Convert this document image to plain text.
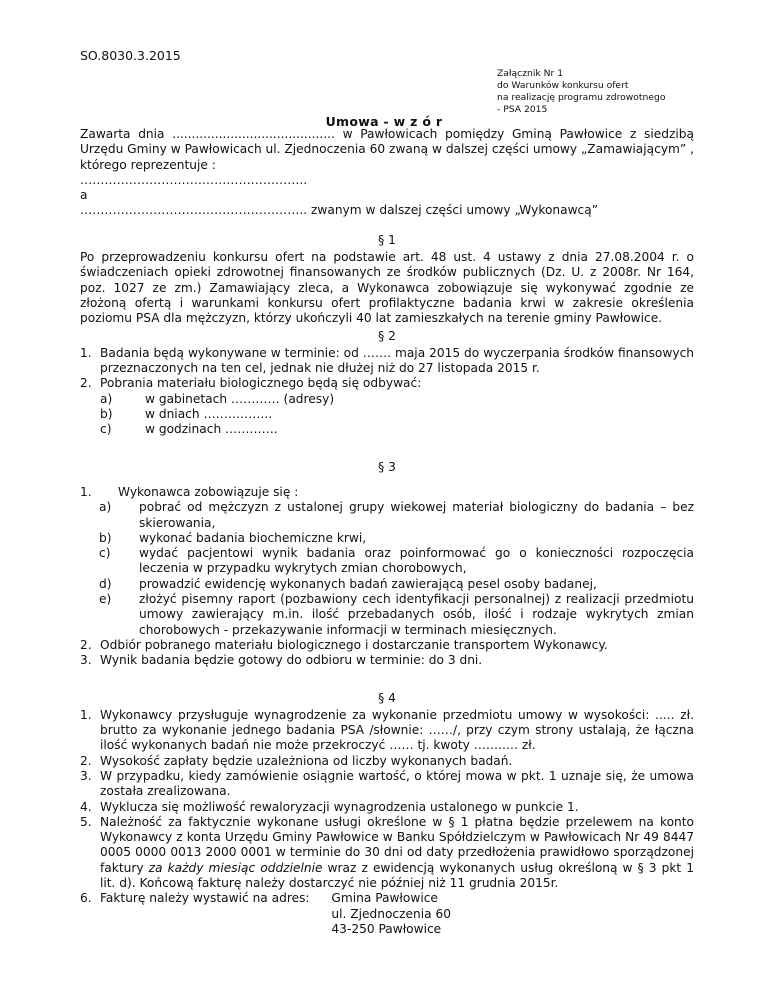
SO.8030.3.2015
Załącznik Nr 1
do Warunków konkursu ofert
na realizację programu zdrowotnego
- PSA 2015
Umowa - w z ó r

Zawarta dnia .......................................... w Pawłowicach pomiędzy Gminą Pawłowice z siedzibą Urzędu Gminy w Pawłowicach ul. Zjednoczenia 60 zwaną w dalszej części umowy „Zamawiającym” , którego reprezentuje :

………………………………………………..

a

……………………………………………….. zwanym w dalszej części umowy „Wykonawcą”

§ 1

Po przeprowadzeniu konkursu ofert na podstawie art. 48 ust. 4 ustawy z dnia 27.08.2004 r. o świadczeniach opieki zdrowotnej finansowanych ze środków publicznych (Dz. U. z 2008r. Nr 164, poz. 1027 ze zm.) Zamawiający zleca, a Wykonawca zobowiązuje się wykonywać zgodnie ze złożoną ofertą i warunkami konkursu ofert profilaktyczne badania krwi w zakresie określenia poziomu PSA dla mężczyzn, którzy ukończyli 40 lat zamieszkałych na terenie gminy Pawłowice.

§ 2
1. Badania będą wykonywane w terminie: od ……. maja 2015 do wyczerpania środków finansowych przeznaczonych na ten cel, jednak nie dłużej niż do 27 listopada 2015 r.
2. Pobrania materiału biologicznego będą się odbywać:
a)	w gabinetach ………… (adresy)
b)	w dniach ……………..
c)	w godzinach ………….
§ 3
1. Wykonawca zobowiązuje się :
a)	pobrać od mężczyzn z ustalonej grupy wiekowej materiał biologiczny do badania – bez skierowania,
b)	wykonać badania biochemiczne krwi,
c)	wydać pacjentowi wynik badania oraz poinformować go o konieczności rozpoczęcia leczenia w przypadku wykrytych zmian chorobowych,
d)	prowadzić ewidencję wykonanych badań zawierającą pesel osoby badanej,
e)	złożyć pisemny raport (pozbawiony cech identyfikacji personalnej) z realizacji przedmiotu umowy zawierający m.in. ilość przebadanych osób, ilość i rodzaje wykrytych zmian chorobowych - przekazywanie informacji w terminach miesięcznych.
2. Odbiór pobranego materiału biologicznego i dostarczanie transportem Wykonawcy.
3. Wynik badania będzie gotowy do odbioru w terminie: do 3 dni.
§ 4
1. Wykonawcy przysługuje wynagrodzenie za wykonanie przedmiotu umowy w wysokości: ..... zł. brutto za wykonanie jednego badania PSA /słownie: ……/, przy czym strony ustalają, że łączna ilość wykonanych badań nie może przekroczyć …… tj. kwoty ……..… zł.
2. Wysokość zapłaty będzie uzależniona od liczby wykonanych badań.
3. W przypadku, kiedy zamówienie osiągnie wartość, o której mowa w pkt. 1 uznaje się, że umowa została zrealizowana.
4. Wyklucza się możliwość rewaloryzacji wynagrodzenia ustalonego w punkcie 1.
5. Należność za faktycznie wykonane usługi określone w § 1 płatna będzie przelewem na konto Wykonawcy z konta Urzędu Gminy Pawłowice w Banku Spółdzielczym w Pawłowicach Nr 49 8447 0005 0000 0013 2000 0001 w terminie do 30 dni od daty przedłożenia prawidłowo sporządzonej faktury za każdy miesiąc oddzielnie wraz z ewidencją wykonanych usług określoną w § 3 pkt 1 lit. d). Końcową fakturę należy dostarczyć nie później niż 11 grudnia 2015r.
6. Fakturę należy wystawić na adres: Gmina Pawłowice
ul. Zjednoczenia 60
43-250 Pawłowice
